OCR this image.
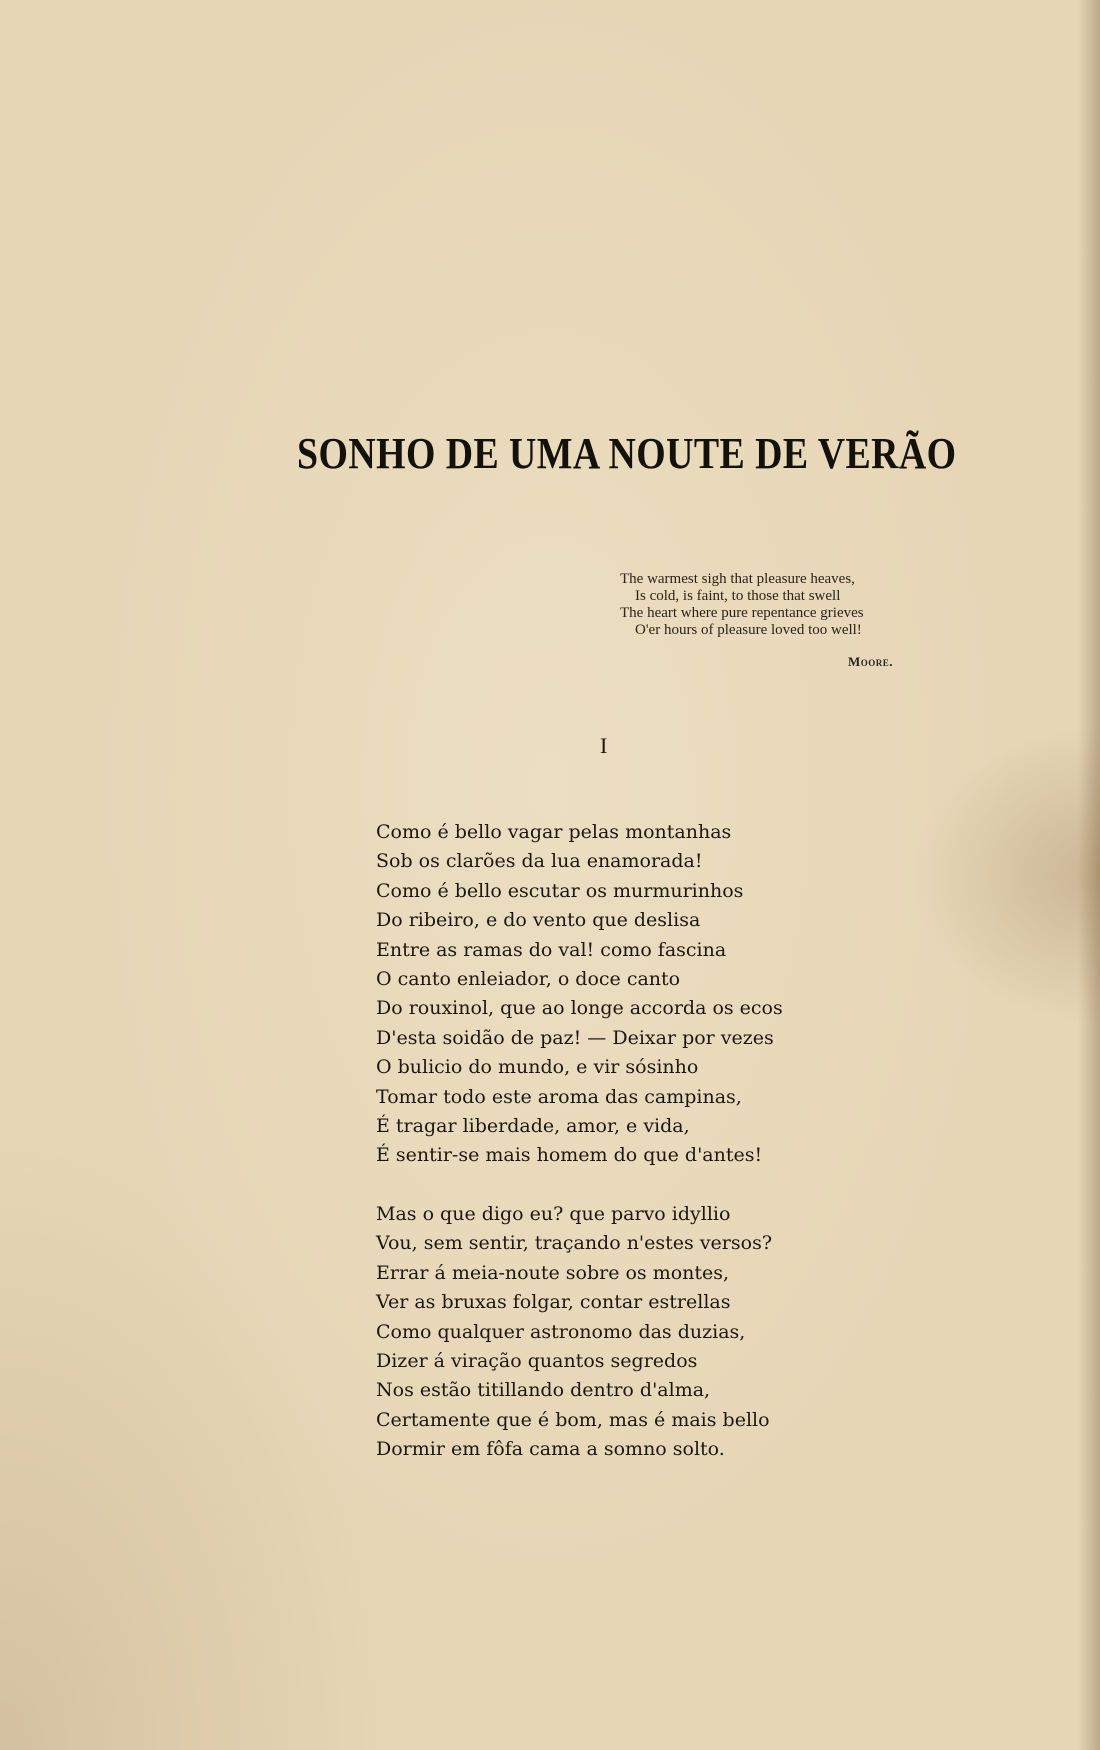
SONHO DE UMA NOUTE DE VERÃO
The warmest sigh that pleasure heaves,
Is cold, is faint, to those that swell
The heart where pure repentance grieves
O'er hours of pleasure loved too well!
Moore.
I
Como é bello vagar pelas montanhas
Sob os clarões da lua enamorada!
Como é bello escutar os murmurinhos
Do ribeiro, e do vento que deslisa
Entre as ramas do val! como fascina
O canto enleiador, o doce canto
Do rouxinol, que ao longe accorda os ecos
D'esta soidão de paz! — Deixar por vezes
O bulicio do mundo, e vir sósinho
Tomar todo este aroma das campinas,
É tragar liberdade, amor, e vida,
É sentir-se mais homem do que d'antes!
Mas o que digo eu? que parvo idyllio
Vou, sem sentir, traçando n'estes versos?
Errar á meia-noute sobre os montes,
Ver as bruxas folgar, contar estrellas
Como qualquer astronomo das duzias,
Dizer á viração quantos segredos
Nos estão titillando dentro d'alma,
Certamente que é bom, mas é mais bello
Dormir em fôfa cama a somno solto.
